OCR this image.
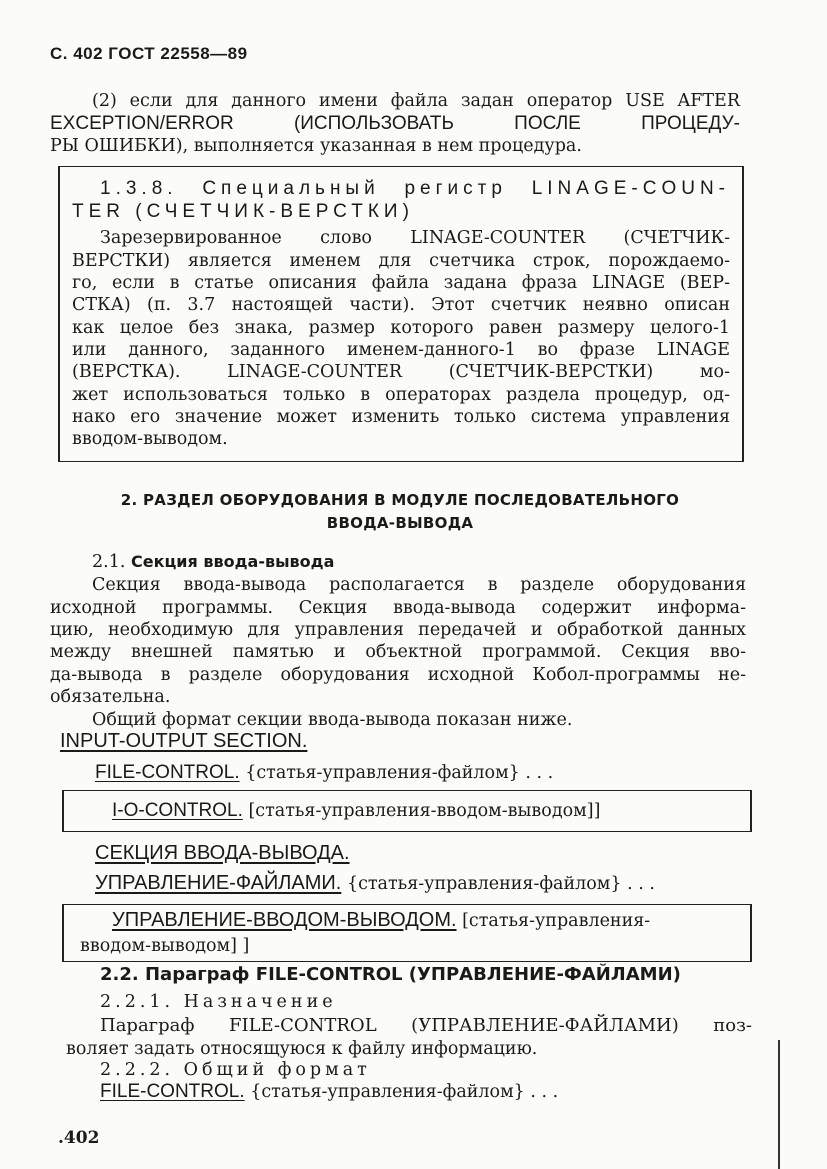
С. 402 ГОСТ 22558—89
(2) если для данного имени файла задан оператор USE AFTER
EXCEPTION/ERROR (ИСПОЛЬЗОВАТЬ ПОСЛЕ ПРОЦЕДУ-
РЫ ОШИБКИ), выполняется указанная в нем процедура.
1.3.8. Специальный регистр LINAGE-COUN-
TER (СЧЕТЧИК-ВЕРСТКИ)
Зарезервированное слово LINAGE-COUNTER (СЧЕТЧИК-
ВЕРСТКИ) является именем для счетчика строк, порождаемо-
го, если в статье описания файла задана фраза LINAGE (ВЕР-
СТКА) (п. 3.7 настоящей части). Этот счетчик неявно описан
как целое без знака, размер которого равен размеру целого-1
или данного, заданного именем-данного-1 во фразе LINAGE
(ВЕРСТКА). LINAGE-COUNTER (СЧЕТЧИК-ВЕРСТКИ) мо-
жет использоваться только в операторах раздела процедур, од-
нако его значение может изменить только система управления
вводом-выводом.
2. РАЗДЕЛ ОБОРУДОВАНИЯ В МОДУЛЕ ПОСЛЕДОВАТЕЛЬНОГО
ВВОДА-ВЫВОДА
2.1. Секция ввода-вывода
Секция ввода-вывода располагается в разделе оборудования
исходной программы. Секция ввода-вывода содержит информа-
цию, необходимую для управления передачей и обработкой данных
между внешней памятью и объектной программой. Секция вво-
да-вывода в разделе оборудования исходной Кобол-программы не-
обязательна.
Общий формат секции ввода-вывода показан ниже.
INPUT-OUTPUT SECTION.
FILE-CONTROL. {статья-управления-файлом} . . .
I-O-CONTROL. [статья-управления-вводом-выводом]]
СЕКЦИЯ ВВОДА-ВЫВОДА.
УПРАВЛЕНИЕ-ФАЙЛАМИ. {статья-управления-файлом} . . .
УПРАВЛЕНИЕ-ВВОДОМ-ВЫВОДОМ. [статья-управления-
вводом-выводом] ]
2.2. Параграф FILE-CONTROL (УПРАВЛЕНИЕ-ФАЙЛАМИ)
2.2.1. Назначение
Параграф FILE-CONTROL (УПРАВЛЕНИЕ-ФАЙЛАМИ) поз-
воляет задать относящуюся к файлу информацию.
2.2.2. Общий формат
FILE-CONTROL. {статья-управления-файлом} . . .
.402
